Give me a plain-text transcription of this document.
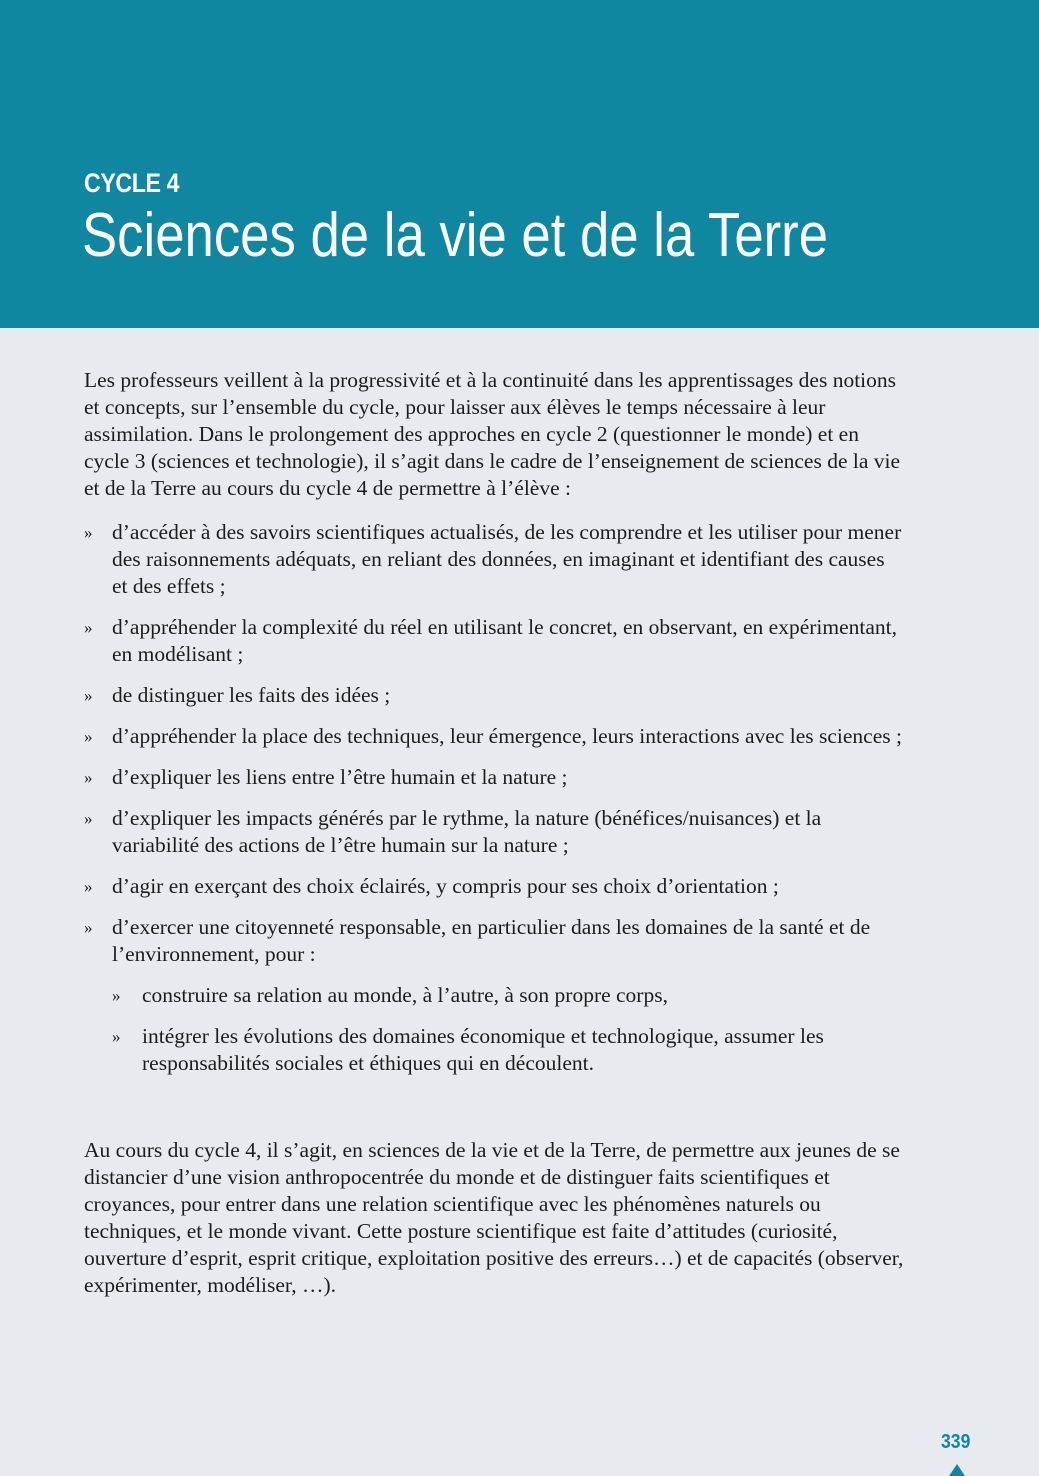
CYCLE 4
Sciences de la vie et de la Terre

Les professeurs veillent à la progressivité et à la continuité dans les apprentissages des notions et concepts, sur l’ensemble du cycle, pour laisser aux élèves le temps nécessaire à leur assimilation. Dans le prolongement des approches en cycle 2 (questionner le monde) et en cycle 3 (sciences et technologie), il s’agit dans le cadre de l’enseignement de sciences de la vie et de la Terre au cours du cycle 4 de permettre à l’élève :

» d’accéder à des savoirs scientifiques actualisés, de les comprendre et les utiliser pour mener des raisonnements adéquats, en reliant des données, en imaginant et identifiant des causes et des effets ;
» d’appréhender la complexité du réel en utilisant le concret, en observant, en expérimentant, en modélisant ;
» de distinguer les faits des idées ;
» d’appréhender la place des techniques, leur émergence, leurs interactions avec les sciences ;
» d’expliquer les liens entre l’être humain et la nature ;
» d’expliquer les impacts générés par le rythme, la nature (bénéfices/nuisances) et la variabilité des actions de l’être humain sur la nature ;
» d’agir en exerçant des choix éclairés, y compris pour ses choix d’orientation ;
» d’exercer une citoyenneté responsable, en particulier dans les domaines de la santé et de l’environnement, pour :
» construire sa relation au monde, à l’autre, à son propre corps,
» intégrer les évolutions des domaines économique et technologique, assumer les responsabilités sociales et éthiques qui en découlent.

Au cours du cycle 4, il s’agit, en sciences de la vie et de la Terre, de permettre aux jeunes de se distancier d’une vision anthropocentrée du monde et de distinguer faits scientifiques et croyances, pour entrer dans une relation scientifique avec les phénomènes naturels ou techniques, et le monde vivant. Cette posture scientifique est faite d’attitudes (curiosité, ouverture d’esprit, esprit critique, exploitation positive des erreurs…) et de capacités (observer, expérimenter, modéliser, …).

339
